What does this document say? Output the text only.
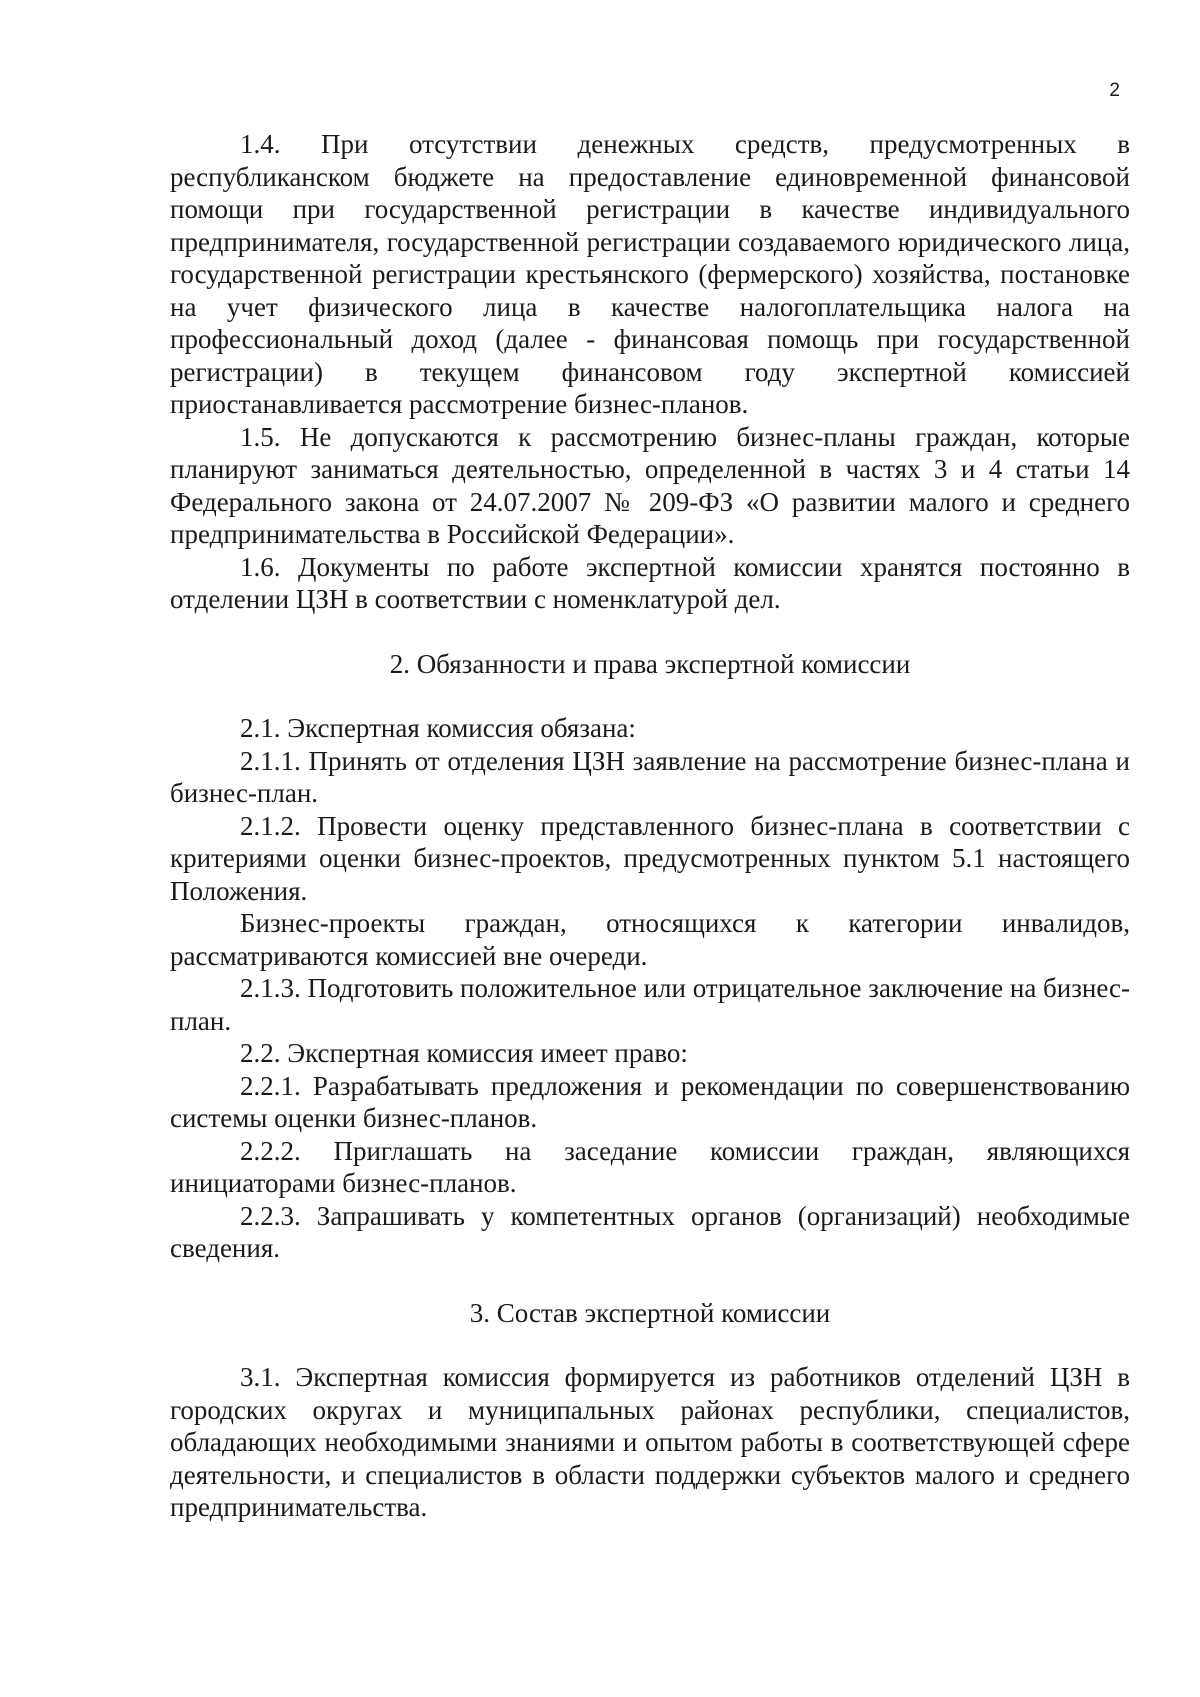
2

1.4. При отсутствии денежных средств, предусмотренных в республиканском бюджете на предоставление единовременной финансовой помощи при государственной регистрации в качестве индивидуального предпринимателя, государственной регистрации создаваемого юридического лица, государственной регистрации крестьянского (фермерского) хозяйства, постановке на учет физического лица в качестве налогоплательщика налога на профессиональный доход (далее - финансовая помощь при государственной регистрации) в текущем финансовом году экспертной комиссией приостанавливается рассмотрение бизнес-планов.

1.5. Не допускаются к рассмотрению бизнес-планы граждан, которые планируют заниматься деятельностью, определенной в частях 3 и 4 статьи 14 Федерального закона от 24.07.2007 № 209-ФЗ «О развитии малого и среднего предпринимательства в Российской Федерации».

1.6. Документы по работе экспертной комиссии хранятся постоянно в отделении ЦЗН в соответствии с номенклатурой дел.

2. Обязанности и права экспертной комиссии

2.1. Экспертная комиссия обязана:

2.1.1. Принять от отделения ЦЗН заявление на рассмотрение бизнес-плана и бизнес-план.

2.1.2. Провести оценку представленного бизнес-плана в соответствии с критериями оценки бизнес-проектов, предусмотренных пунктом 5.1 настоящего Положения.

Бизнес-проекты граждан, относящихся к категории инвалидов, рассматриваются комиссией вне очереди.

2.1.3. Подготовить положительное или отрицательное заключение на бизнес-план.

2.2. Экспертная комиссия имеет право:

2.2.1. Разрабатывать предложения и рекомендации по совершенствованию системы оценки бизнес-планов.

2.2.2. Приглашать на заседание комиссии граждан, являющихся инициаторами бизнес-планов.

2.2.3. Запрашивать у компетентных органов (организаций) необходимые сведения.

3. Состав экспертной комиссии

3.1. Экспертная комиссия формируется из работников отделений ЦЗН в городских округах и муниципальных районах республики, специалистов, обладающих необходимыми знаниями и опытом работы в соответствующей сфере деятельности, и специалистов в области поддержки субъектов малого и среднего предпринимательства.
